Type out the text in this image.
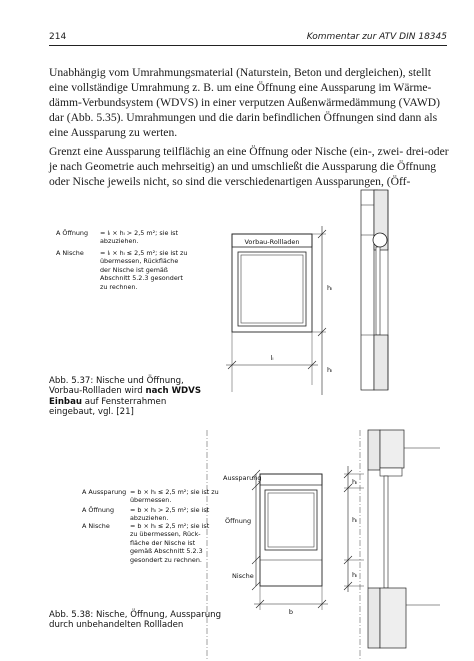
214	Kommentar zur ATV DIN 18345

Unabhängig vom Umrahmungsmaterial (Naturstein, Beton und dergleichen), stellt eine vollständige Umrahmung z. B. um eine Öffnung eine Aussparung im Wärme-dämm-Verbundsystem (WDVS) in einer verputzen Außenwärmedämmung (VAWD) dar (Abb. 5.35). Umrahmungen und die darin befindlichen Öffnungen sind dann als eine Aussparung zu werten.

Grenzt eine Aussparung teilflächig an eine Öffnung oder Nische (ein-, zwei- drei-oder je nach Geometrie auch mehrseitig) an und umschließt die Aussparung die Öffnung oder Nische jeweils nicht, so sind die verschiedenartigen Aussparungen, (Öff-

A Öffnung = lₗ × hₗ > 2,5 m²; sie ist
abzuziehen.
A Nische	= lₗ × hₗ ≤ 2,5 m²; sie ist zu
übermessen, Rückfläche
der Nische ist gemäß
Abschnitt 5.2.3 gesondert
zu rechnen.
Vorbau-Rollladen
hₗ
hₗ
lₗ
Aussparung
Öffnung
Nische
b
hₗ
hₗ
hₗ

Abb. 5.37: Nische und Öffnung, Vorbau-Rollladen wird nach WDVS Einbau auf Fensterrahmen eingebaut, vgl. [21]

A Aussparung = b × hₗ ≤ 2,5 m²; sie ist zu
übermessen.
A Öffnung = b × hₗ > 2,5 m²; sie ist
abzuziehen.
A Nische	= b × hₗ ≤ 2,5 m²; sie ist
zu übermessen, Rück-
fläche der Nische ist
gemäß Abschnitt 5.2.3
gesondert zu rechnen.

Abb. 5.38: Nische, Öffnung, Aussparung durch unbehandelten Rollladen
